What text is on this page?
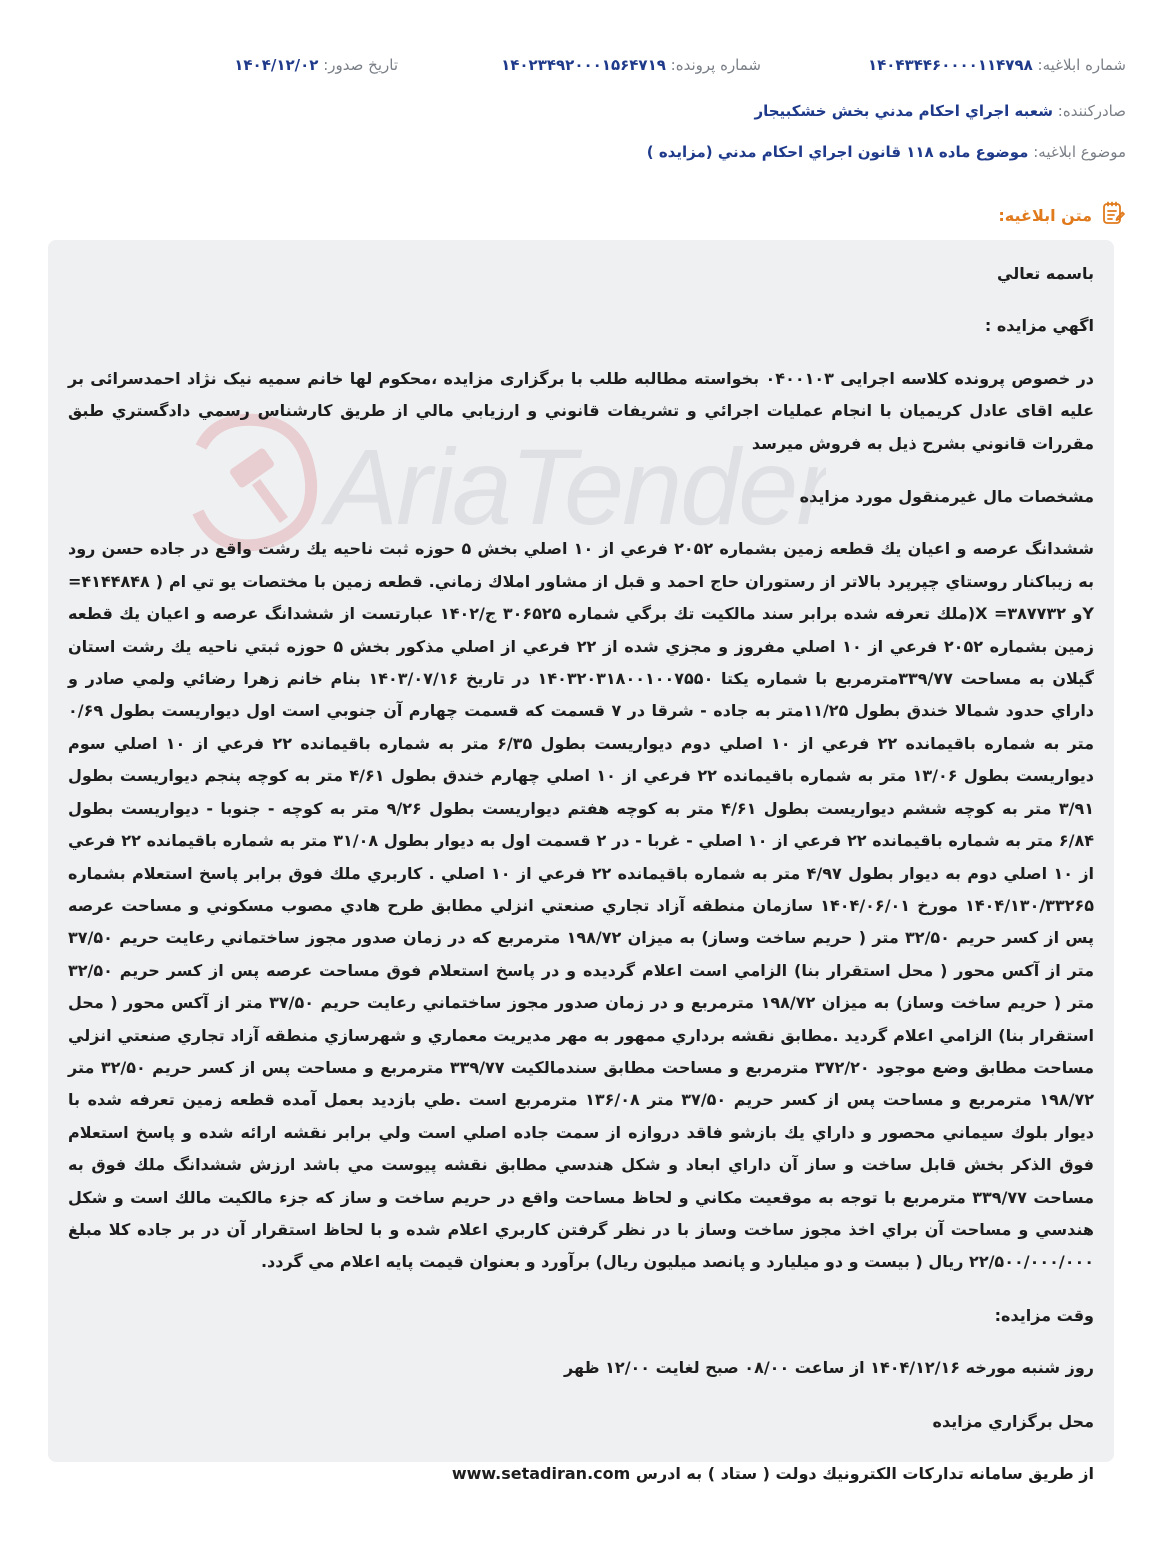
شماره ابلاغيه: ۱۴۰۴۳۴۴۶۰۰۰۰۱۱۴۷۹۸
شماره پرونده: ۱۴۰۲۳۴۹۲۰۰۰۱۵۶۴۷۱۹
تاريخ صدور: ۱۴۰۴/۱۲/۰۲
صادرکننده: شعبه اجراي احكام مدني بخش خشكبيجار
موضوع ابلاغيه: موضوع ماده ۱۱۸ قانون اجراي احكام مدني (مزايده )
متن ابلاغيه:
AriaTender

باسمه تعالي

اگهي مزايده :

در خصوص پرونده كلاسه اجرایی ۰۴۰۰۱۰۳ بخواسته مطالبه طلب با برگزاری مزايده ،محکوم لها خانم سمیه نیک نژاد احمدسرائی بر علیه اقای عادل کریمیان با انجام عمليات اجرائي و تشريفات قانوني و ارزيابي مالي از طريق كارشناس رسمي دادگستري طبق مقررات قانوني بشرح ذيل به فروش ميرسد

مشخصات مال غيرمنقول مورد مزايده

ششدانگ عرصه و اعيان يك قطعه زمين بشماره ۲۰۵۲ فرعي از ۱۰ اصلي بخش ۵ حوزه ثبت ناحيه يك رشت واقع در جاده حسن رود به زيباكنار روستاي چپرپرد بالاتر از رستوران حاج احمد و قبل از مشاور املاك زماني. قطعه زمين با مختصات يو تي ام ( ۴۱۴۴۸۴۸= Yو ۳۸۷۷۳۲= X(ملك تعرفه شده برابر سند مالكيت تك برگي شماره ۳۰۶۵۲۵ ج/۱۴۰۲ عبارتست از ششدانگ عرصه و اعيان يك قطعه زمين بشماره ۲۰۵۲ فرعي از ۱۰ اصلي مفروز و مجزي شده از ۲۲ فرعي از اصلي مذكور بخش ۵ حوزه ثبتي ناحيه يك رشت استان گيلان به مساحت ۳۳۹/۷۷مترمربع با شماره يكتا ۱۴۰۳۲۰۳۱۸۰۰۱۰۰۷۵۵۰ در تاريخ ۱۴۰۳/۰۷/۱۶ بنام خانم زهرا رضائي ولمي صادر و داراي حدود شمالا خندق بطول ۱۱/۲۵متر به جاده - شرقا در ۷ قسمت كه قسمت چهارم آن جنوبي است اول ديواريست بطول ۰/۶۹ متر به شماره باقيمانده ۲۲ فرعي از ۱۰ اصلي دوم ديواريست بطول ۶/۳۵ متر به شماره باقيمانده ۲۲ فرعي از ۱۰ اصلي سوم ديواريست بطول ۱۳/۰۶ متر به شماره باقيمانده ۲۲ فرعي از ۱۰ اصلي چهارم خندق بطول ۴/۶۱ متر به كوچه پنجم ديواريست بطول ۳/۹۱ متر به كوچه ششم ديواريست بطول ۴/۶۱ متر به كوچه هفتم ديواريست بطول ۹/۲۶ متر به كوچه - جنوبا - ديواريست بطول ۶/۸۴ متر به شماره باقيمانده ۲۲ فرعي از ۱۰ اصلي - غربا - در ۲ قسمت اول به ديوار بطول ۳۱/۰۸ متر به شماره باقيمانده ۲۲ فرعي از ۱۰ اصلي دوم به ديوار بطول ۴/۹۷ متر به شماره باقيمانده ۲۲ فرعي از ۱۰ اصلي . كاربري ملك فوق برابر پاسخ استعلام بشماره ۱۴۰۴/۱۳۰/۳۳۲۶۵ مورخ ۱۴۰۴/۰۶/۰۱ سازمان منطقه آزاد تجاري صنعتي انزلي مطابق طرح هادي مصوب مسكوني و مساحت عرصه پس از كسر حريم ۳۲/۵۰ متر ( حريم ساخت وساز) به ميزان ۱۹۸/۷۲ مترمربع كه در زمان صدور مجوز ساختماني رعايت حريم ۳۷/۵۰ متر از آكس محور ( محل استقرار بنا) الزامي است اعلام گرديده و در پاسخ استعلام فوق مساحت عرصه پس از كسر حريم ۳۲/۵۰ متر ( حريم ساخت وساز) به ميزان ۱۹۸/۷۲ مترمربع و در زمان صدور مجوز ساختماني رعايت حريم ۳۷/۵۰ متر از آكس محور ( محل استقرار بنا) الزامي اعلام گرديد .مطابق نقشه برداري ممهور به مهر مديريت معماري و شهرسازي منطقه آزاد تجاري صنعتي انزلي مساحت مطابق وضع موجود ۳۷۲/۲۰ مترمربع و مساحت مطابق سندمالكيت ۳۳۹/۷۷ مترمربع و مساحت پس از كسر حريم ۳۲/۵۰ متر ۱۹۸/۷۲ مترمربع و مساحت پس از كسر حريم ۳۷/۵۰ متر ۱۳۶/۰۸ مترمربع است .طي بازديد بعمل آمده قطعه زمين تعرفه شده با ديوار بلوك سيماني محصور و داراي يك بازشو فاقد دروازه از سمت جاده اصلي است ولي برابر نقشه ارائه شده و پاسخ استعلام فوق الذكر بخش قابل ساخت و ساز آن داراي ابعاد و شكل هندسي مطابق نقشه پيوست مي باشد ارزش ششدانگ ملك فوق به مساحت ۳۳۹/۷۷ مترمربع با توجه به موقعيت مكاني و لحاظ مساحت واقع در حريم ساخت و ساز كه جزء مالكيت مالك است و شكل هندسي و مساحت آن براي اخذ مجوز ساخت وساز با در نظر گرفتن كاربري اعلام شده و با لحاظ استقرار آن در بر جاده كلا مبلغ ۲۲/۵۰۰/۰۰۰/۰۰۰ ريال ( بيست و دو ميليارد و پانصد ميليون ريال) برآورد و بعنوان قيمت پايه اعلام مي گردد.

وقت مزايده:

روز شنبه مورخه ۱۴۰۴/۱۲/۱۶ از ساعت ۰۸/۰۰ صبح لغايت ۱۲/۰۰ ظهر

محل برگزاري مزايده

از طريق سامانه تداركات الكترونيك دولت ( ستاد ) به ادرس www.setadiran.com
